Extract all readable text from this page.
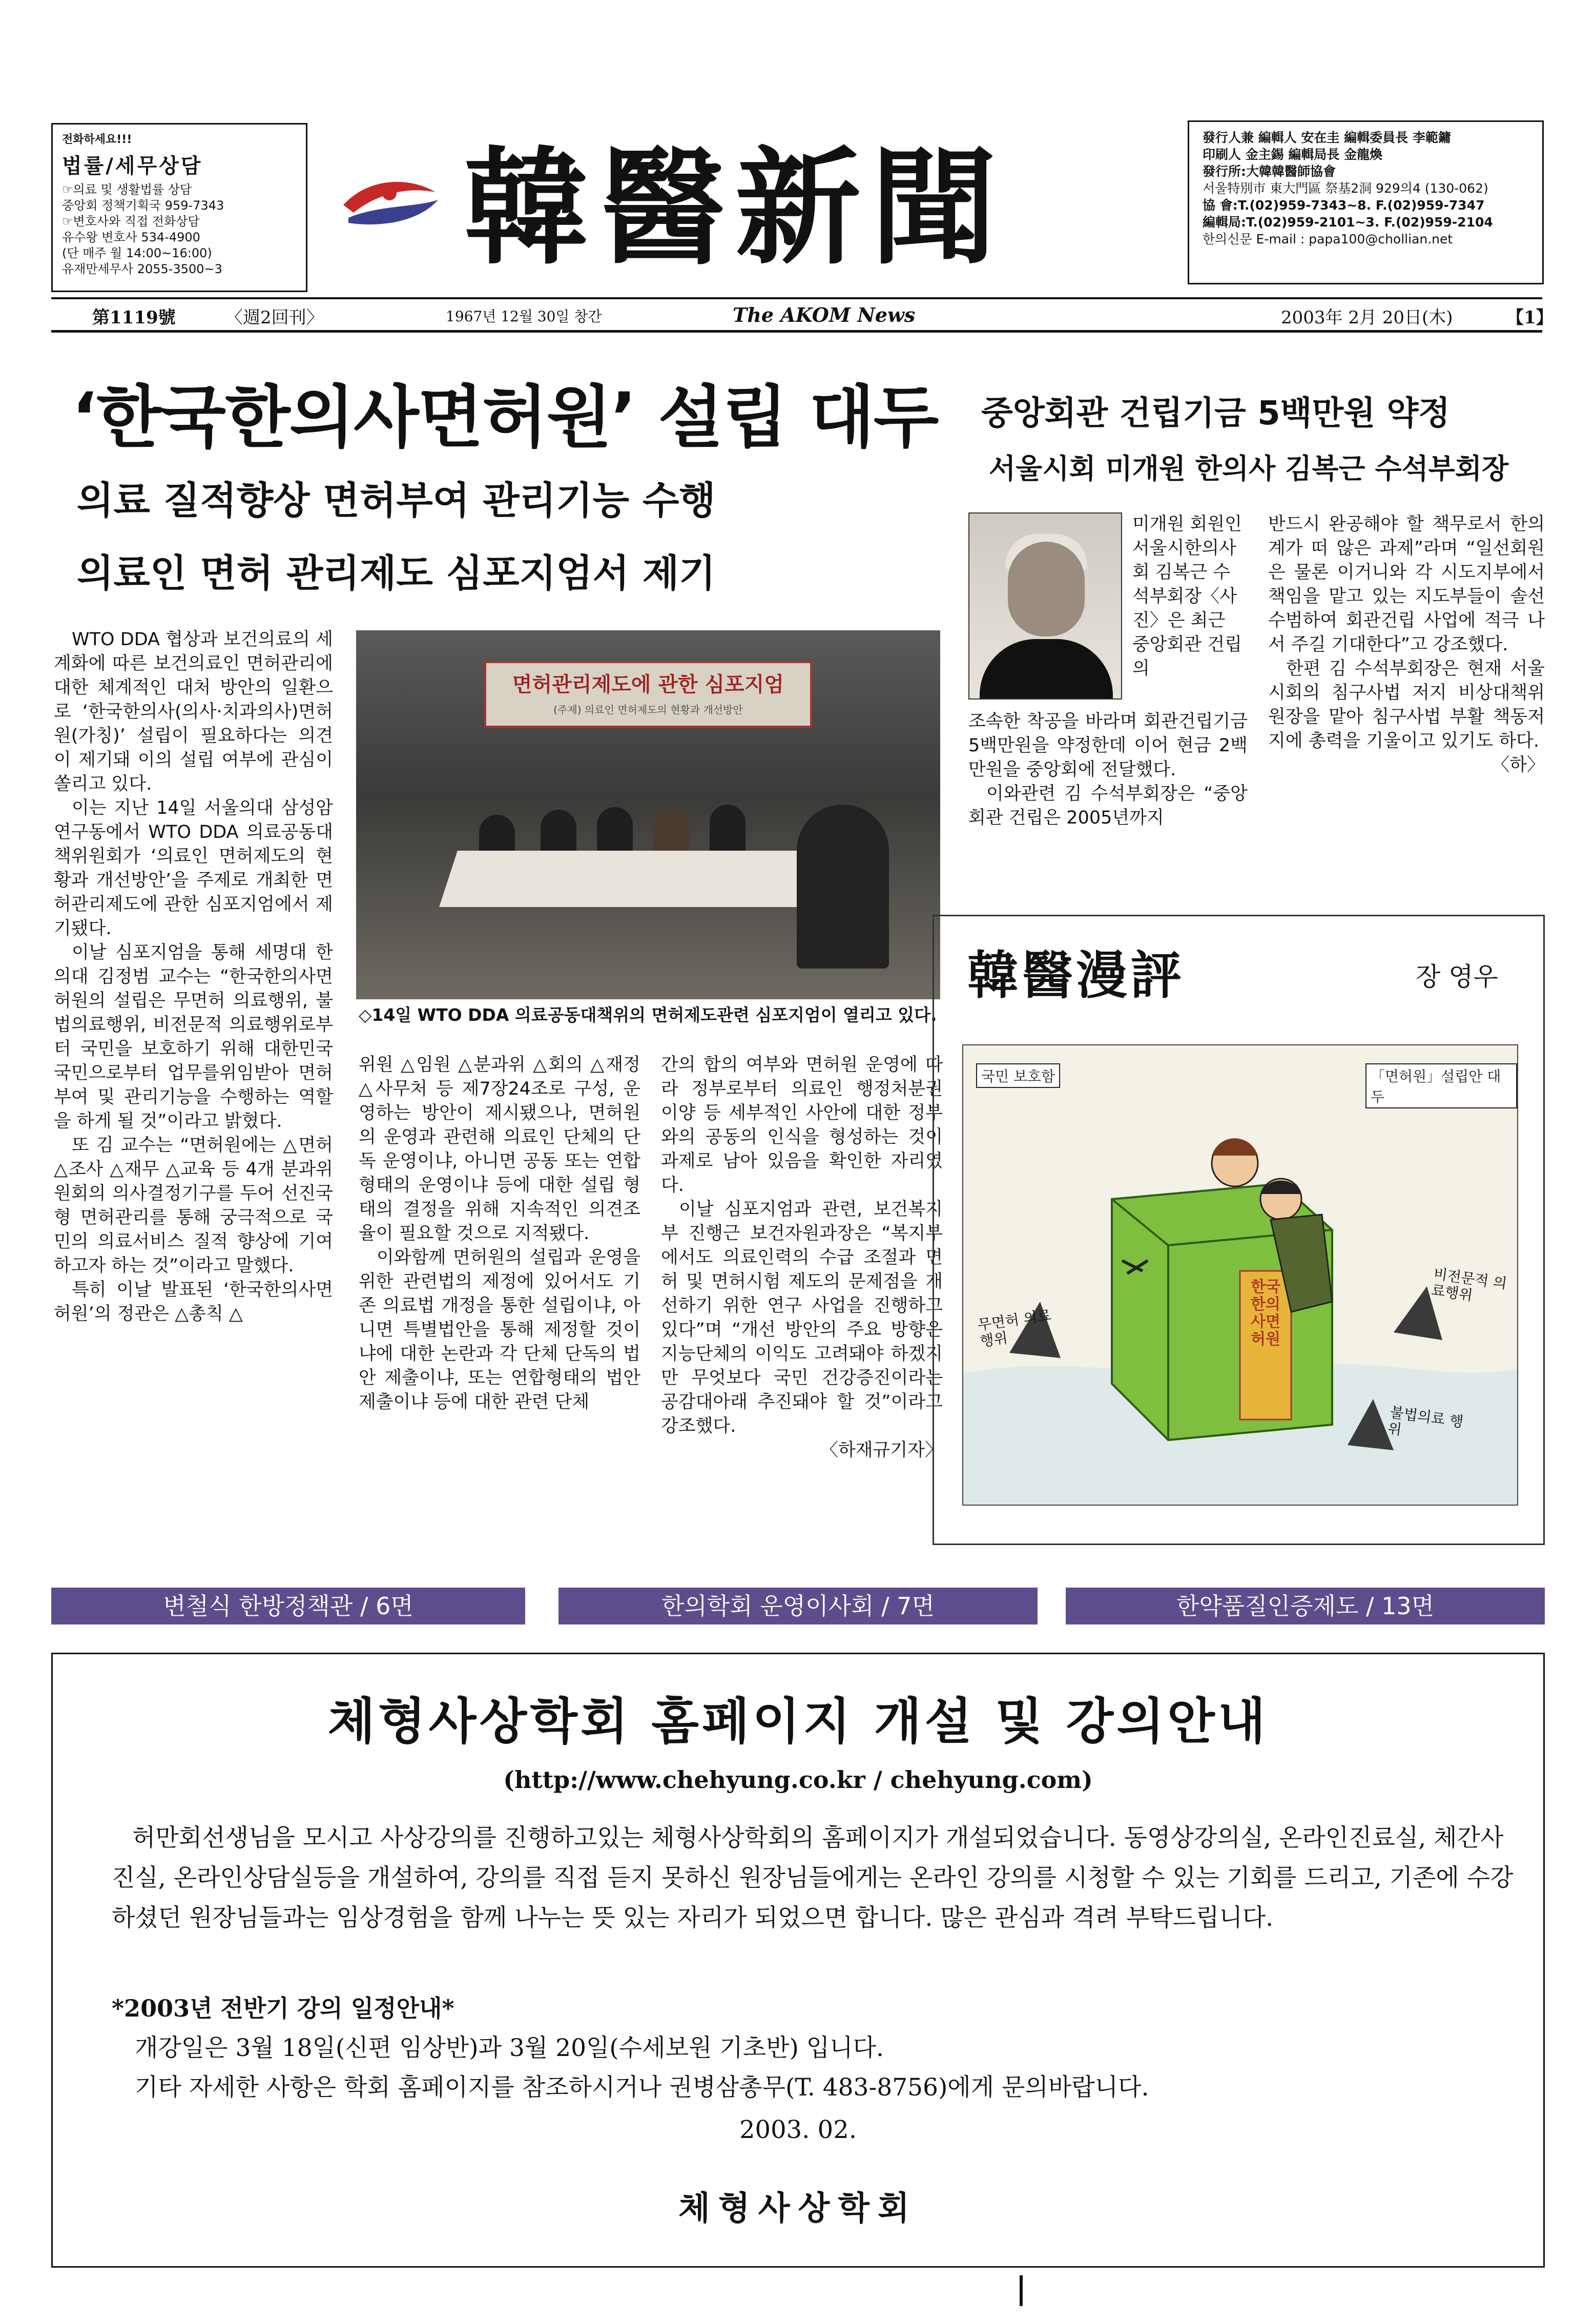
전화하세요!!!
법률/세무상담
☞의료 및 생활법률 상담
중앙회 정책기획국 959-7343
☞변호사와 직접 전화상담
유수왕 변호사 534-4900
(단 매주 월 14:00~16:00)
유재만세무사 2055-3500~3	韓醫新聞	發行人兼 編輯人 安在圭 編輯委員長 李範鏞
印刷人 金主錫 編輯局長 金龍煥
發行所:大韓韓醫師協會
서울特別市 東大門區 祭基2洞 929의4 (130-062)
協 會:T.(02)959-7343~8. F.(02)959-7347
編輯局:T.(02)959-2101~3. F.(02)959-2104
한의신문 E-mail : papa100@chollian.net
第1119號	〈週2回刊〉	1967년 12월 30일 창간	The AKOM News	2003年 2月 20日(木)	【1】
‘한국한의사면허원’ 설립 대두
의료 질적향상 면허부여 관리기능 수행
의료인 면허 관리제도 심포지엄서 제기

WTO DDA 협상과 보건의료의 세계화에 따른 보건의료인 면허관리에 대한 체계적인 대처 방안의 일환으로 ‘한국한의사(의사·치과의사)면허원(가칭)’ 설립이 필요하다는 의견이 제기돼 이의 설립 여부에 관심이 쏠리고 있다.

이는 지난 14일 서울의대 삼성암연구동에서 WTO DDA 의료공동대책위원회가 ‘의료인 면허제도의 현황과 개선방안’을 주제로 개최한 면허관리제도에 관한 심포지엄에서 제기됐다.

이날 심포지엄을 통해 세명대 한의대 김정범 교수는 “한국한의사면허원의 설립은 무면허 의료행위, 불법의료행위, 비전문적 의료행위로부터 국민을 보호하기 위해 대한민국 국민으로부터 업무를위임받아 면허부여 및 관리기능을 수행하는 역할을 하게 될 것”이라고 밝혔다.

또 김 교수는 “면허원에는 △면허 △조사 △재무 △교육 등 4개 분과위원회의 의사결정기구를 두어 선진국형 면허관리를 통해 궁극적으로 국민의 의료서비스 질적 향상에 기여하고자 하는 것”이라고 말했다.

특히 이날 발표된 ‘한국한의사면허원’의 정관은 △총칙 △

면허관리제도에 관한 심포지엄
(주제) 의료인 면허제도의 현황과 개선방안
◇14일 WTO DDA 의료공동대책위의 면허제도관련 심포지엄이 열리고 있다.

위원 △임원 △분과위 △회의 △재정 △사무처 등 제7장24조로 구성, 운영하는 방안이 제시됐으나, 면허원의 운영과 관련해 의료인 단체의 단독 운영이냐, 아니면 공동 또는 연합형태의 운영이냐 등에 대한 설립 형태의 결정을 위해 지속적인 의견조율이 필요할 것으로 지적됐다.

이와함께 면허원의 설립과 운영을 위한 관련법의 제정에 있어서도 기존 의료법 개정을 통한 설립이냐, 아니면 특별법안을 통해 제정할 것이냐에 대한 논란과 각 단체 단독의 법안 제출이냐, 또는 연합형태의 법안 제출이냐 등에 대한 관련 단체

간의 합의 여부와 면허원 운영에 따라 정부로부터 의료인 행정처분권 이양 등 세부적인 사안에 대한 정부와의 공동의 인식을 형성하는 것이 과제로 남아 있음을 확인한 자리였다.

이날 심포지엄과 관련, 보건복지부 진행근 보건자원과장은 “복지부에서도 의료인력의 수급 조절과 면허 및 면허시험 제도의 문제점을 개선하기 위한 연구 사업을 진행하고 있다”며 “개선 방안의 주요 방향은 지능단체의 이익도 고려돼야 하겠지만 무엇보다 국민 건강증진이라는 공감대아래 추진돼야 할 것”이라고 강조했다.

〈하재규기자〉
중앙회관 건립기금 5백만원 약정
서울시회 미개원 한의사 김복근 수석부회장
미개원 회원인 서울시한의사회 김복근 수석부회장〈사진〉은 최근 중앙회관 건립의

조속한 착공을 바라며 회관건립기금 5백만원을 약정한데 이어 현금 2백만원을 중앙회에 전달했다.

이와관련 김 수석부회장은 “중앙회관 건립은 2005년까지

반드시 완공해야 할 책무로서 한의계가 떠 않은 과제”라며 “일선회원은 물론 이거니와 각 시도지부에서 책임을 맡고 있는 지도부들이 솔선 수범하여 회관건립 사업에 적극 나서 주길 기대한다”고 강조했다.

한편 김 수석부회장은 현재 서울시회의 침구사법 저지 비상대책위원장을 맡아 침구사법 부활 책동저지에 총력을 기울이고 있기도 하다.

〈하〉
韓醫漫評	장 영우
국민 보호함	「면허원」설립안 대두
한국한의사면허원
무면허 의료행위
비전문적 의료행위
불법의료 행위
변철식 한방정책관 / 6면	한의학회 운영이사회 / 7면	한약품질인증제도 / 13면
체형사상학회 홈페이지 개설 및 강의안내
(http://www.chehyung.co.kr / chehyung.com)

허만회선생님을 모시고 사상강의를 진행하고있는 체형사상학회의 홈페이지가 개설되었습니다. 동영상강의실, 온라인진료실, 체간사진실, 온라인상담실등을 개설하여, 강의를 직접 듣지 못하신 원장님들에게는 온라인 강의를 시청할 수 있는 기회를 드리고, 기존에 수강하셨던 원장님들과는 임상경험을 함께 나누는 뜻 있는 자리가 되었으면 합니다. 많은 관심과 격려 부탁드립니다.

*2003년 전반기 강의 일정안내*
개강일은 3월 18일(신편 임상반)과 3월 20일(수세보원 기초반) 입니다.
기타 자세한 사항은 학회 홈페이지를 참조하시거나 권병삼총무(T. 483-8756)에게 문의바랍니다.
2003. 02.
체형사상학회
